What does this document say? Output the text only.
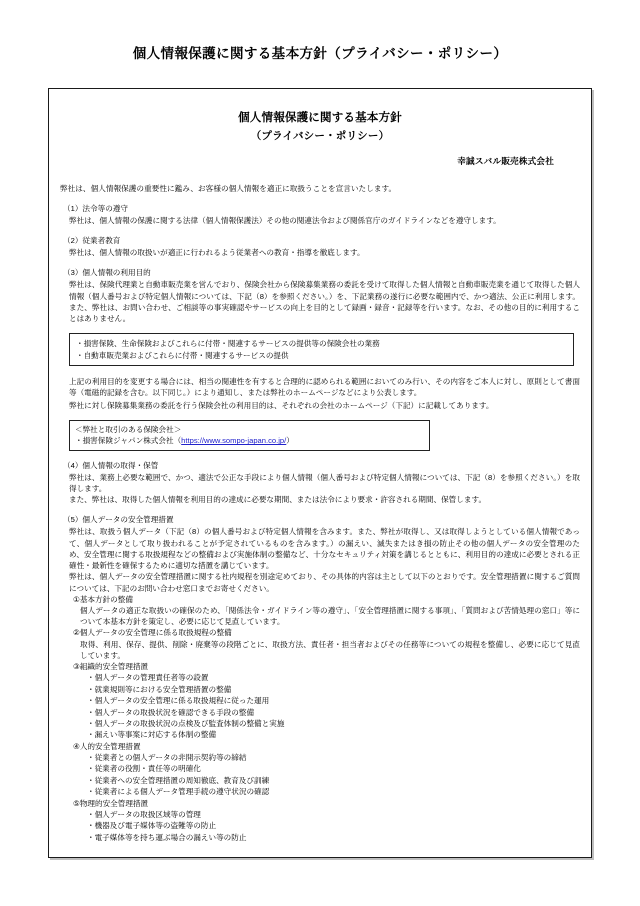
個人情報保護に関する基本方針（プライバシー・ポリシー）
個人情報保護に関する基本方針
（プライバシー・ポリシー）
幸誠スバル販売株式会社
弊社は、個人情報保護の重要性に鑑み、お客様の個人情報を適正に取扱うことを宣言いたします。
（1）法令等の遵守
弊社は、個人情報の保護に関する法律（個人情報保護法）その他の関連法令および関係官庁のガイドラインなどを遵守します。
（2）従業者教育
弊社は、個人情報の取扱いが適正に行われるよう従業者への教育・指導を徹底します。
（3）個人情報の利用目的
弊社は、保険代理業と自動車販売業を営んでおり、保険会社から保険募集業務の委託を受けて取得した個人情報と自動車販売業を通じて取得した個人情報（個人番号および特定個人情報については、下記（8）を参照ください。）を、下記業務の遂行に必要な範囲内で、かつ適法、公正に利用します。また、弊社は、お問い合わせ、ご相談等の事実確認やサービスの向上を目的として録画・録音・記録等を行います。なお、その他の目的に利用することはありません。
・損害保険、生命保険およびこれらに付帯・関連するサービスの提供等の保険会社の業務
・自動車販売業およびこれらに付帯・関連するサービスの提供
上記の利用目的を変更する場合には、相当の関連性を有すると合理的に認められる範囲においてのみ行い、その内容をご本人に対し、原則として書面等（電磁的記録を含む。以下同じ。）により通知し、または弊社のホームページなどにより公表します。
弊社に対し保険募集業務の委託を行う保険会社の利用目的は、それぞれの会社のホームページ（下記）に記載してあります。
＜弊社と取引のある保険会社＞
・損害保険ジャパン株式会社（https://www.sompo-japan.co.jp/）
（4）個人情報の取得・保管
弊社は、業務上必要な範囲で、かつ、適法で公正な手段により個人情報（個人番号および特定個人情報については、下記（8）を参照ください。）を取得します。
また、弊社は、取得した個人情報を利用目的の達成に必要な期間、または法令により要求・許容される期間、保管します。
（5）個人データの安全管理措置
弊社は、取扱う個人データ（下記（8）の個人番号および特定個人情報を含みます。また、弊社が取得し、又は取得しようとしている個人情報であって、個人データとして取り扱われることが予定されているものを含みます。）の漏えい、滅失またはき損の防止その他の個人データの安全管理のため、安全管理に関する取扱規程などの整備および実施体制の整備など、十分なセキュリティ対策を講じるとともに、利用目的の達成に必要とされる正確性・最新性を確保するために適切な措置を講じています。
弊社は、個人データの安全管理措置に関する社内規程を別途定めており、その具体的内容は主として以下のとおりです。安全管理措置に関するご質問については、下記のお問い合わせ窓口までお寄せください。
①基本方針の整備
個人データの適正な取扱いの確保のため、「関係法令・ガイドライン等の遵守」、「安全管理措置に関する事項」、「質問および苦情処理の窓口」等について本基本方針を策定し、必要に応じて見直しています。
②個人データの安全管理に係る取扱規程の整備
取得、利用、保存、提供、削除・廃棄等の段階ごとに、取扱方法、責任者・担当者およびその任務等についての規程を整備し、必要に応じて見直しています。
③組織的安全管理措置
・個人データの管理責任者等の設置
・就業規則等における安全管理措置の整備
・個人データの安全管理に係る取扱規程に従った運用
・個人データの取扱状況を確認できる手段の整備
・個人データの取扱状況の点検及び監査体制の整備と実施
・漏えい等事案に対応する体制の整備
④人的安全管理措置
・従業者との個人データの非開示契約等の締結
・従業者の役割・責任等の明確化
・従業者への安全管理措置の周知徹底、教育及び訓練
・従業者による個人データ管理手続の遵守状況の確認
⑤物理的安全管理措置
・個人データの取扱区域等の管理
・機器及び電子媒体等の盗難等の防止
・電子媒体等を持ち運ぶ場合の漏えい等の防止
